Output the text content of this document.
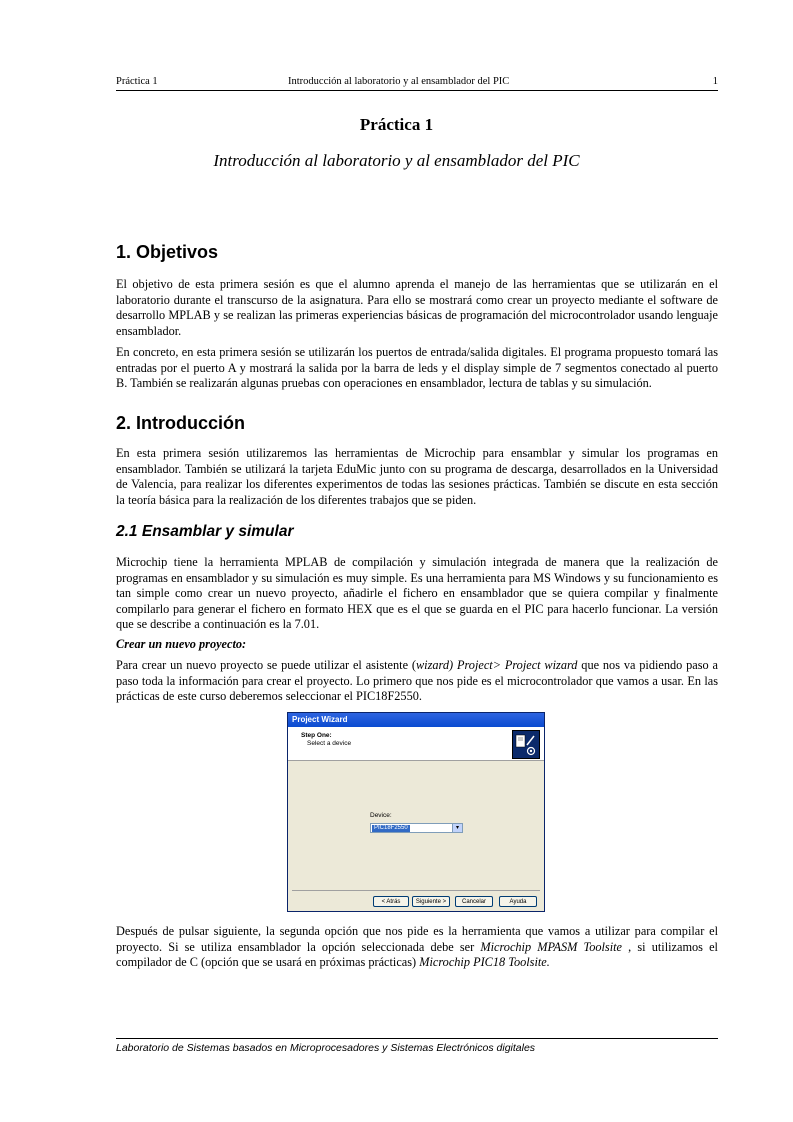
Práctica 1	Introducción al laboratorio y al ensamblador del PIC	1
Práctica 1
Introducción al laboratorio y al ensamblador del PIC
1. Objetivos
El objetivo de esta primera sesión es que el alumno aprenda el manejo de las herramientas que se utilizarán en el laboratorio durante el transcurso de la asignatura. Para ello se mostrará como crear un proyecto mediante el software de desarrollo MPLAB y se realizan las primeras experiencias básicas de programación del microcontrolador usando lenguaje ensamblador.
En concreto, en esta primera sesión se utilizarán los puertos de entrada/salida digitales. El programa propuesto tomará las entradas por el puerto A y mostrará la salida por la barra de leds y el display simple de 7 segmentos conectado al puerto B. También se realizarán algunas pruebas con operaciones en ensamblador, lectura de tablas y su simulación.
2. Introducción
En esta primera sesión utilizaremos las herramientas de Microchip para ensamblar y simular los programas en ensamblador. También se utilizará la tarjeta EduMic junto con su programa de descarga, desarrollados en la Universidad de Valencia, para realizar los diferentes experimentos de todas las sesiones prácticas. También se discute en esta sección la teoría básica para la realización de los diferentes trabajos que se piden.
2.1 Ensamblar y simular
Microchip tiene la herramienta MPLAB de compilación y simulación integrada de manera que la realización de programas en ensamblador y su simulación es muy simple. Es una herramienta para MS Windows y su funcionamiento es tan simple como crear un nuevo proyecto, añadirle el fichero en ensamblador que se quiera compilar y finalmente compilarlo para generar el fichero en formato HEX que es el que se guarda en el PIC para hacerlo funcionar. La versión que se describe a continuación es la 7.01.
Crear un nuevo proyecto:
Para crear un nuevo proyecto se puede utilizar el asistente (wizard) Project> Project wizard que nos va pidiendo paso a paso toda la información para crear el proyecto. Lo primero que nos pide es el microcontrolador que vamos a usar. En las prácticas de este curso deberemos seleccionar el PIC18F2550.
Project Wizard
Step One:
Select a device
Device:
PIC18F2550	▾
< Atrás	Siguiente >	Cancelar	Ayuda
Después de pulsar siguiente, la segunda opción que nos pide es la herramienta que vamos a utilizar para compilar el proyecto. Si se utiliza ensamblador la opción seleccionada debe ser Microchip MPASM Toolsite , si utilizamos el compilador de C (opción que se usará en próximas prácticas) Microchip PIC18 Toolsite.
Laboratorio de Sistemas basados en Microprocesadores y Sistemas Electrónicos digitales
